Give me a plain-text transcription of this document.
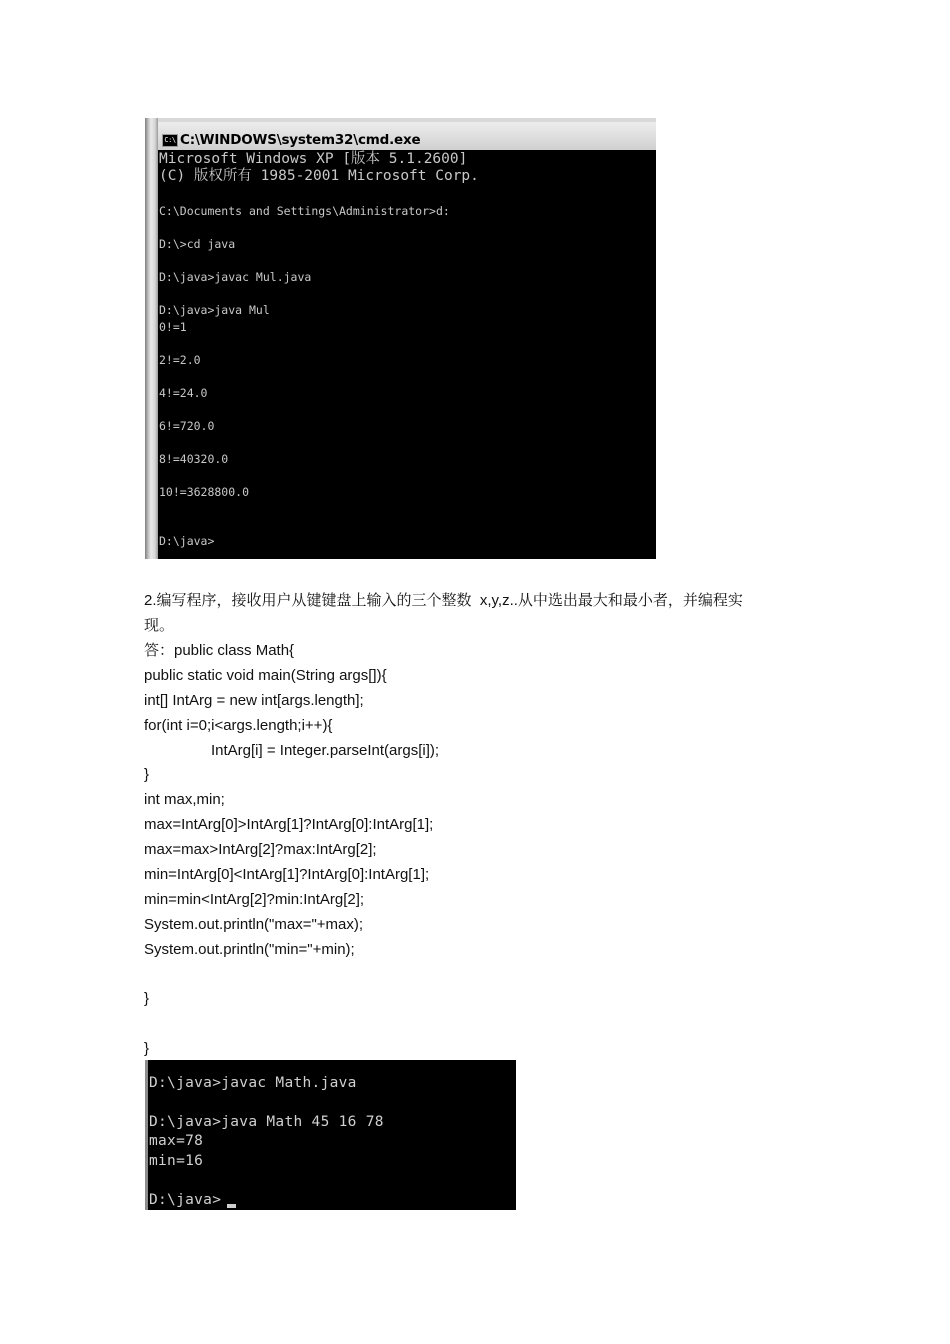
C:\ C:\WINDOWS\system32\cmd.exe
Microsoft Windows XP [版本 5.1.2600]
(C) 版权所有 1985-2001 Microsoft Corp.
C:\Documents and Settings\Administrator>d:
D:\>cd java
D:\java>javac Mul.java
D:\java>java Mul
0!=1
2!=2.0
4!=24.0
6!=720.0
8!=40320.0
10!=3628800.0
D:\java>
2.编写程序，接收用户从键键盘上输入的三个整数  x,y,z..从中选出最大和最小者，并编程实
现。
答：public class Math{
public static void main(String args[]){
int[] IntArg = new int[args.length];
for(int i=0;i<args.length;i++){
IntArg[i] = Integer.parseInt(args[i]);
}
int max,min;
max=IntArg[0]>IntArg[1]?IntArg[0]:IntArg[1];
max=max>IntArg[2]?max:IntArg[2];
min=IntArg[0]<IntArg[1]?IntArg[0]:IntArg[1];
min=min<IntArg[2]?min:IntArg[2];
System.out.println("max="+max);
System.out.println("min="+min);
}
}
D:\java>javac Math.java
D:\java>java Math 45 16 78
max=78
min=16
D:\java>
